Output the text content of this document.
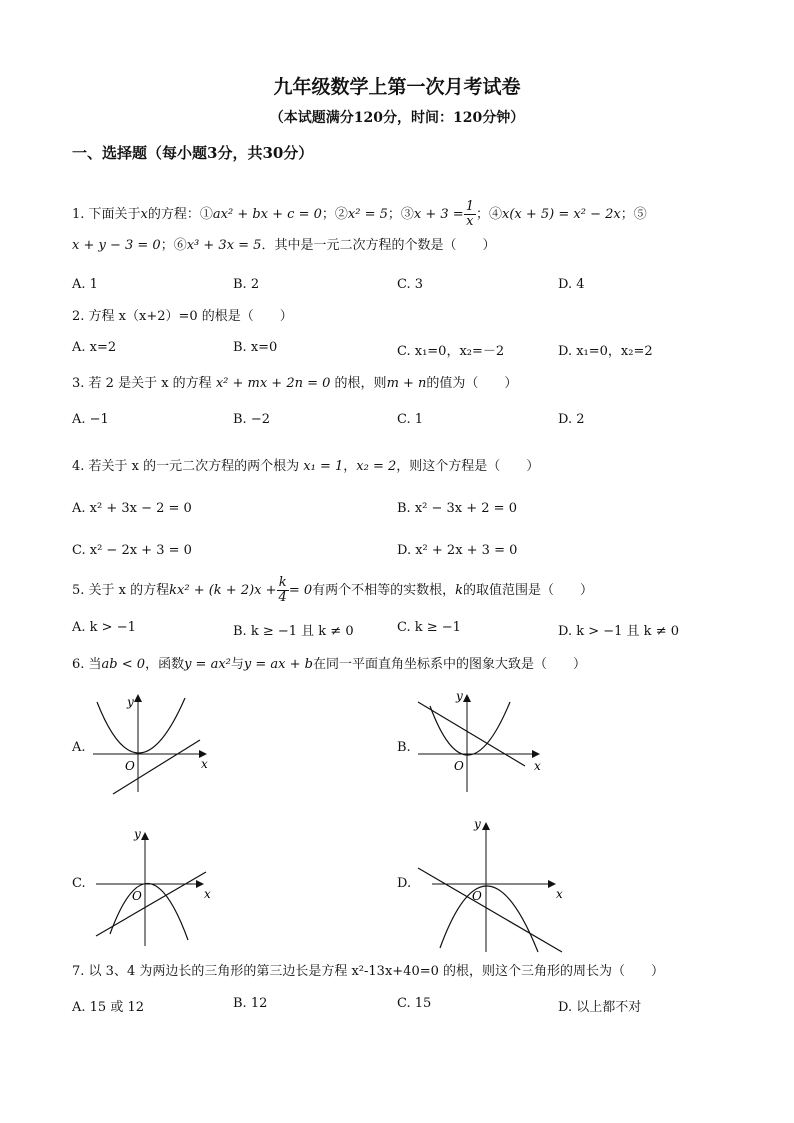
九年级数学上第一次月考试卷
（本试题满分120分，时间：120分钟）
一、选择题（每小题3分，共30分）
1. 下面关于x的方程：①ax² + bx + c = 0；②x² = 5；③x + $3 = \frac{1}{x}$ ；④x(x + 5) = x² − 2x；⑤
x + y − 3 = 0；⑥x³ + 3x = 5．其中是一元二次方程的个数是（　　）
A. 1	B. 2	C. 3	D. 4
2. 方程 x（x+2）=0 的根是（　　）
A. x=2	B. x=0	C. x₁=0，x₂=－2	D. x₁=0，x₂=2
3. 若 2 是关于 x 的方程 x² + mx + 2n = 0 的根，则m + n的值为（　　）
A. −1	B. −2	C. 1	D. 2
4. 若关于 x 的一元二次方程的两个根为 x₁ = 1，x₂ = 2，则这个方程是（　　）
A. x² + 3x − 2 = 0	B. x² − 3x + 2 = 0
C. x² − 2x + 3 = 0	D. x² + 2x + 3 = 0
5. 关于 x 的方程$kx^2 + (k + 2)x + \frac{k}{4} = 0$有两个不相等的实数根，k的取值范围是（　　）
A. k > −1	B. k ≥ −1 且 k ≠ 0	C. k ≥ −1	D. k > −1 且 k ≠ 0
6. 当ab < 0，函数y = ax²与y = ax + b在同一平面直角坐标系中的图象大致是（　　）
A.
x
y
O
B.
x
y
O
C.
x
y
O
D.
x
y
O
7. 以 3、4 为两边长的三角形的第三边长是方程 x²-13x+40=0 的根，则这个三角形的周长为（　　）
A. 15 或 12	B. 12	C. 15	D. 以上都不对
